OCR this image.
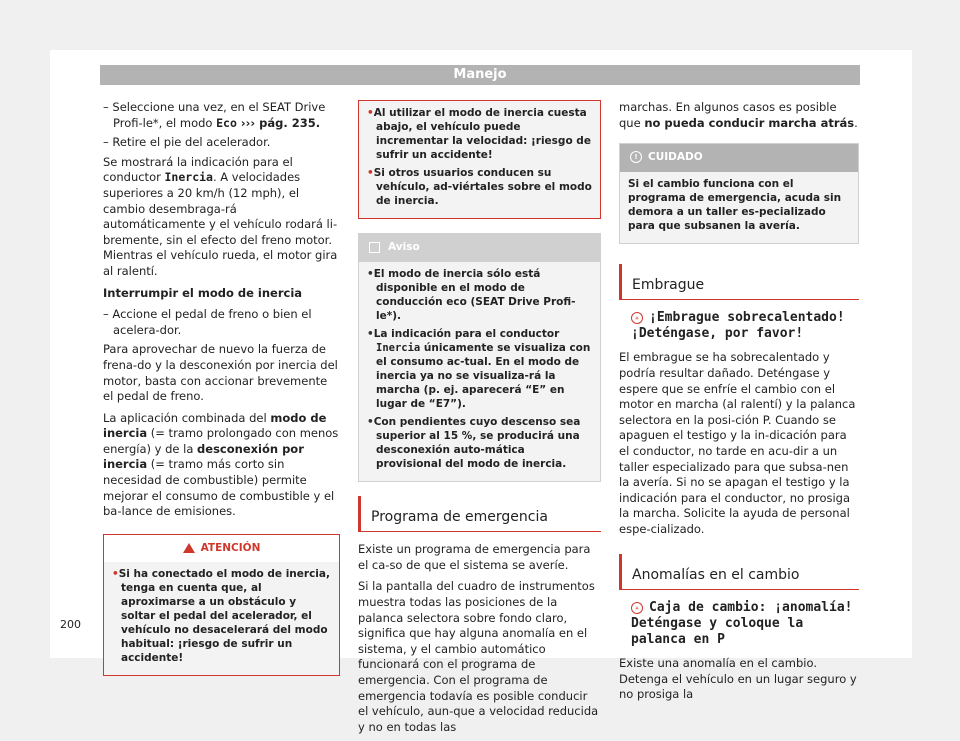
Manejo

– Seleccione una vez, en el SEAT Drive Profi-le*, el modo Eco ››› pág. 235.

– Retire el pie del acelerador.

Se mostrará la indicación para el conductor Inercia. A velocidades superiores a 20 km/h (12 mph), el cambio desembraga-rá automáticamente y el vehículo rodará li-bremente, sin el efecto del freno motor. Mientras el vehículo rueda, el motor gira al ralentí.

Interrumpir el modo de inercia

– Accione el pedal de freno o bien el acelera-dor.

Para aprovechar de nuevo la fuerza de frena-do y la desconexión por inercia del motor, basta con accionar brevemente el pedal de freno.

La aplicación combinada del modo de inercia (= tramo prolongado con menos energía) y de la desconexión por inercia (= tramo más corto sin necesidad de combustible) permite mejorar el consumo de combustible y el ba-lance de emisiones.

ATENCIÓN

• Si ha conectado el modo de inercia, tenga en cuenta que, al aproximarse a un obstáculo y soltar el pedal del acelerador, el vehículo no desacelerará del modo habitual: ¡riesgo de sufrir un accidente!

• Al utilizar el modo de inercia cuesta abajo, el vehículo puede incrementar la velocidad: ¡riesgo de sufrir un accidente!

• Si otros usuarios conducen su vehículo, ad-viértales sobre el modo de inercia.

Aviso

• El modo de inercia sólo está disponible en el modo de conducción eco (SEAT Drive Profi-le*).

• La indicación para el conductor Inercia únicamente se visualiza con el consumo ac-tual. En el modo de inercia ya no se visualiza-rá la marcha (p. ej. aparecerá “E” en lugar de “E7”).

• Con pendientes cuyo descenso sea superior al 15 %, se producirá una desconexión auto-mática provisional del modo de inercia.

Programa de emergencia

Existe un programa de emergencia para el ca-so de que el sistema se averíe.

Si la pantalla del cuadro de instrumentos muestra todas las posiciones de la palanca selectora sobre fondo claro, significa que hay alguna anomalía en el sistema, y el cambio automático funcionará con el programa de emergencia. Con el programa de emergencia todavía es posible conducir el vehículo, aun-que a velocidad reducida y no en todas las

marchas. En algunos casos es posible que no pueda conducir marcha atrás.

! CUIDADO

Si el cambio funciona con el programa de emergencia, acuda sin demora a un taller es-pecializado para que subsanen la avería.

Embrague

✳ ¡Embrague sobrecalentado! ¡Deténgase, por favor!

El embrague se ha sobrecalentado y podría resultar dañado. Deténgase y espere que se enfríe el cambio con el motor en marcha (al ralentí) y la palanca selectora en la posi-ción P. Cuando se apaguen el testigo y la in-dicación para el conductor, no tarde en acu-dir a un taller especializado para que subsa-nen la avería. Si no se apagan el testigo y la indicación para el conductor, no prosiga la marcha. Solicite la ayuda de personal espe-cializado.

Anomalías en el cambio

✳ Caja de cambio: ¡anomalía! Deténgase y coloque la palanca en P

Existe una anomalía en el cambio. Detenga el vehículo en un lugar seguro y no prosiga la

200
